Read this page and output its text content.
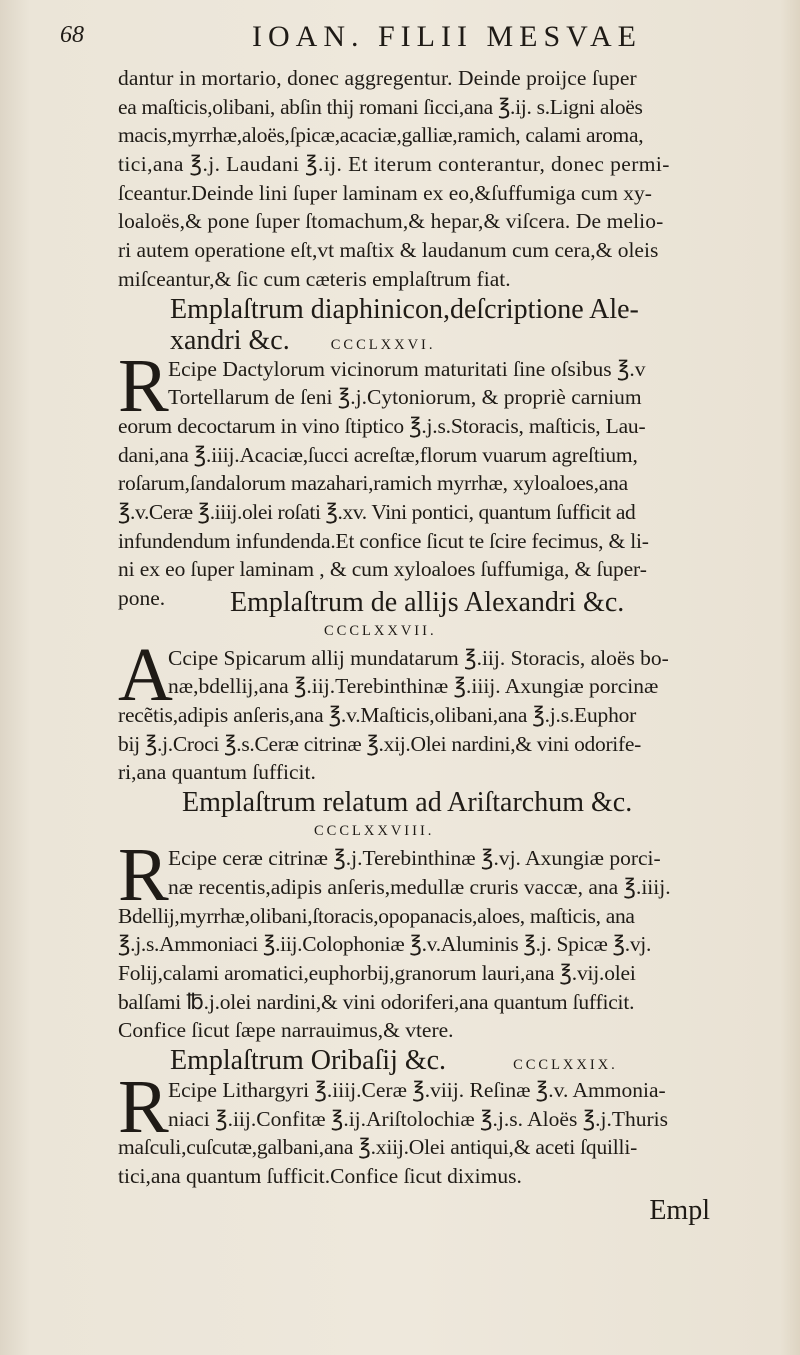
68	IOAN. FILII MESVAE
dantur in mortario, donec aggregentur. Deinde proijce ſuper
ea maſticis,olibani, abſin thij romani ſicci,ana ℥.ij. s.Ligni aloës
macis,myrrhæ,aloës,ſpicæ,acaciæ,galliæ,ramich, calami aroma,
tici,ana ℥.j. Laudani ℥.ij. Et iterum conterantur, donec permi-
ſceantur.Deinde lini ſuper laminam ex eo,&ſuffumiga cum xy-
loaloës,& pone ſuper ſtomachum,& hepar,& viſcera. De melio-
ri autem operatione eſt,vt maſtix & laudanum cum cera,& oleis
miſceantur,& ſic cum cæteris emplaſtrum fiat.
Emplaſtrum diaphinicon,deſcriptione Ale-
xandri &c.	CCCLXXVI.
R Ecipe Dactylorum vicinorum maturitati ſine oſsibus ℥.v
Tortellarum de ſeni ℥.j.Cytoniorum, & propriè carnium
eorum decoctarum in vino ſtiptico ℥.j.s.Storacis, maſticis, Lau-
dani,ana ℥.iiij.Acaciæ,ſucci acreſtæ,florum vuarum agreſtium,
roſarum,ſandalorum mazahari,ramich myrrhæ, xyloaloes,ana
℥.v.Ceræ ℥.iiij.olei roſati ℥.xv. Vini pontici, quantum ſufficit ad
infundendum infundenda.Et confice ſicut te ſcire fecimus, & li-
ni ex eo ſuper laminam , & cum xyloaloes ſuffumiga, & ſuper-
pone.	Emplaſtrum de allijs Alexandri &c.
CCCLXXVII.
A
Ccipe Spicarum allij mundatarum ℥.iij. Storacis, aloës bo-
næ,bdellij,ana ℥.iij.Terebinthinæ ℥.iiij. Axungiæ porcinæ
recẽtis,adipis anſeris,ana ℥.v.Maſticis,olibani,ana ℥.j.s.Euphor
bij ℥.j.Croci ℥.s.Ceræ citrinæ ℥.xij.Olei nardini,& vini odorife-
ri,ana quantum ſufficit.
Emplaſtrum relatum ad Ariſtarchum &c.
CCCLXXVIII.
R Ecipe ceræ citrinæ ℥.j.Terebinthinæ ℥.vj. Axungiæ porci-
næ recentis,adipis anſeris,medullæ cruris vaccæ, ana ℥.iiij.
Bdellij,myrrhæ,olibani,ſtoracis,opopanacis,aloes, maſticis, ana
℥.j.s.Ammoniaci ℥.iij.Colophoniæ ℥.v.Aluminis ℥.j. Spicæ ℥.vj.
Folij,calami aromatici,euphorbij,granorum lauri,ana ℥.vij.olei
balſami ℔.j.olei nardini,& vini odoriferi,ana quantum ſufficit.
Confice ſicut ſæpe narrauimus,& vtere.
Emplaſtrum Oribaſij &c.	CCCLXXIX.
R Ecipe Lithargyri ℥.iiij.Ceræ ℥.viij. Reſinæ ℥.v. Ammonia-
niaci ℥.iij.Confitæ ℥.ij.Ariſtolochiæ ℥.j.s. Aloës ℥.j.Thuris
maſculi,cuſcutæ,galbani,ana ℥.xiij.Olei antiqui,& aceti ſquilli-
tici,ana quantum ſufficit.Confice ſicut diximus.
Empl
